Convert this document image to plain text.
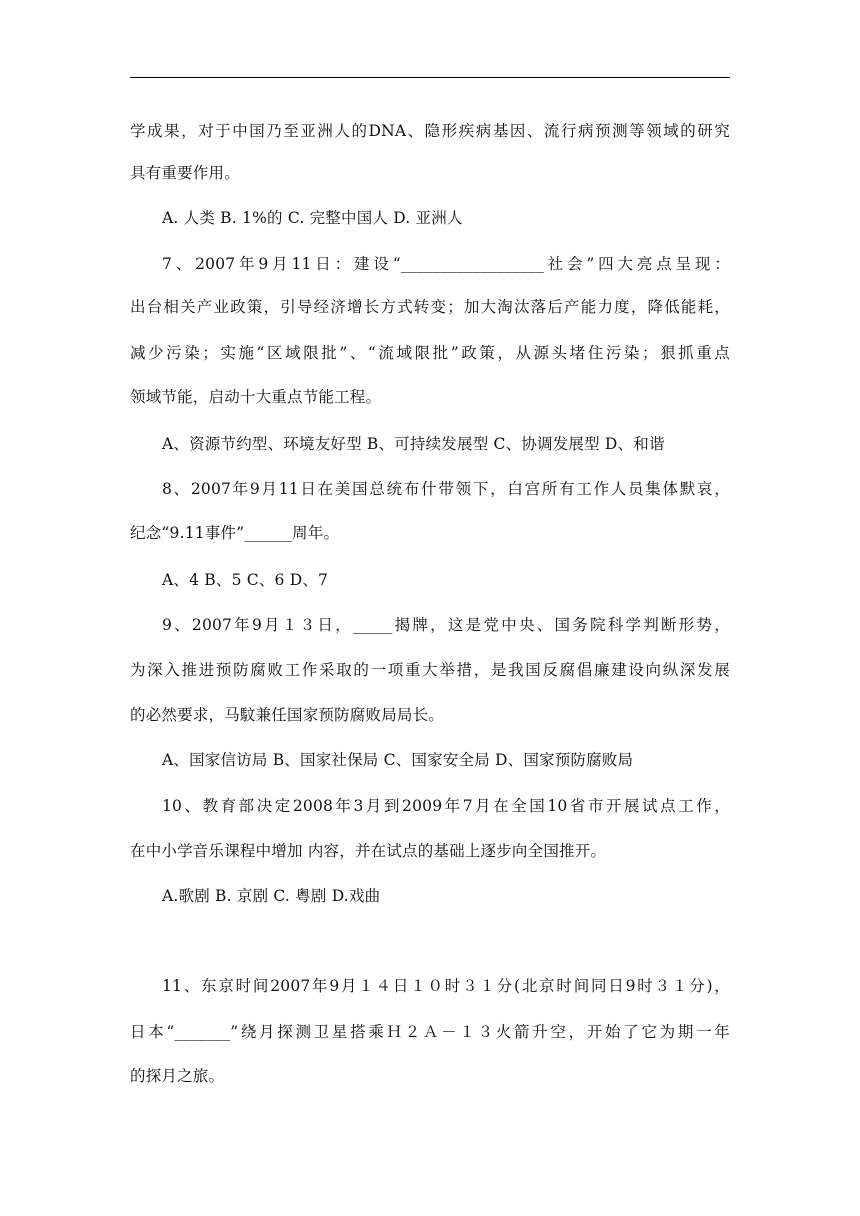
学成果，对于中国乃至亚洲人的DNA、隐形疾病基因、流行病预测等领域的研究
具有重要作用。
A. 人类 B. 1%的 C. 完整中国人 D. 亚洲人
7、2007年9月11日：建设“__________________社会”四大亮点呈现：
出台相关产业政策，引导经济增长方式转变；加大淘汰落后产能力度，降低能耗，
减少污染；实施“区域限批”、“流域限批”政策，从源头堵住污染；狠抓重点
领域节能，启动十大重点节能工程。
A、资源节约型、环境友好型 B、可持续发展型 C、协调发展型 D、和谐
8、2007年9月11日在美国总统布什带领下，白宫所有工作人员集体默哀，
纪念“9.11事件”______周年。
A、4 B、5 C、6 D、7
9、2007年9月１３日，_____揭牌，这是党中央、国务院科学判断形势，
为深入推进预防腐败工作采取的一项重大举措，是我国反腐倡廉建设向纵深发展
的必然要求，马馼兼任国家预防腐败局局长。
A、国家信访局 B、国家社保局 C、国家安全局 D、国家预防腐败局
10、教育部决定2008年3月到2009年7月在全国10省市开展试点工作，
在中小学音乐课程中增加 内容，并在试点的基础上逐步向全国推开。
A.歌剧 B. 京剧 C. 粤剧 D.戏曲
11、东京时间2007年9月１４日１０时３１分(北京时间同日9时３１分)，
日本“_______”绕月探测卫星搭乘Ｈ２Ａ－１３火箭升空，开始了它为期一年
的探月之旅。
